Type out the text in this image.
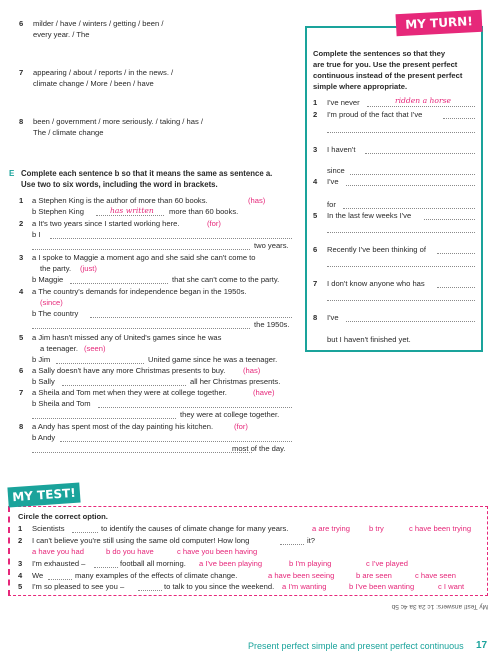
6 milder / have / winters / getting / been /
every year. / The
7 appearing / about / reports / in the news. /
climate change / More / been / have
8 been / government / more seriously. / taking / has /
The / climate change
E Complete each sentence b so that it means the same as sentence a.
Use two to six words, including the word in brackets.
1 a Stephen King is the author of more than 60 books.	(has)
b Stephen King	has written more than 60 books.
2 a It's two years since I started working here.	(for)
b I
two years.
3 a I spoke to Maggie a moment ago and she said she can't come to
the party. (just)
b Maggie	that she can't come to the party.
4 a The country's demands for independence began in the 1950s.
(since)
b The country
the 1950s.
5 a Jim hasn't missed any of United's games since he was
a teenager. (seen)
b Jim	United game since he was a teenager.
6 a Sally doesn't have any more Christmas presents to buy. (has)
b Sally	all her Christmas presents.
7 a Sheila and Tom met when they were at college together.	(have)
b Sheila and Tom
they were at college together.
8 a Andy has spent most of the day painting his kitchen.	(for)
b Andy
most of the day.
MY TURN!
Complete the sentences so that they
are true for you. Use the present perfect
continuous instead of the present perfect
simple where appropriate.
1 I've never	ridden a horse
2 I'm proud of the fact that I've
3 I haven't
since
4 I've
for
5 In the last few weeks I've
6 Recently I've been thinking of
7 I don't know anyone who has
8 I've
but I haven't finished yet.
MY TEST!
Circle the correct option.
1 Scientists	to identify the causes of climate change for many years.	a are trying	b try	c have been trying
2 I can't believe you're still using the same old computer! How long	it?
a have you had	b do you have	c have you been having
3 I'm exhausted –	football all morning. a I've been playing	b I'm playing	c I've played
4 We	many examples of the effects of climate change.	a have been seeing	b are seen	c have seen
5 I'm so pleased to see you –	to talk to you since the weekend. a I'm wanting	b I've been wanting	c I want
My Test! answers: 1c 2a 3a 4c 5b
Present perfect simple and present perfect continuous 17
